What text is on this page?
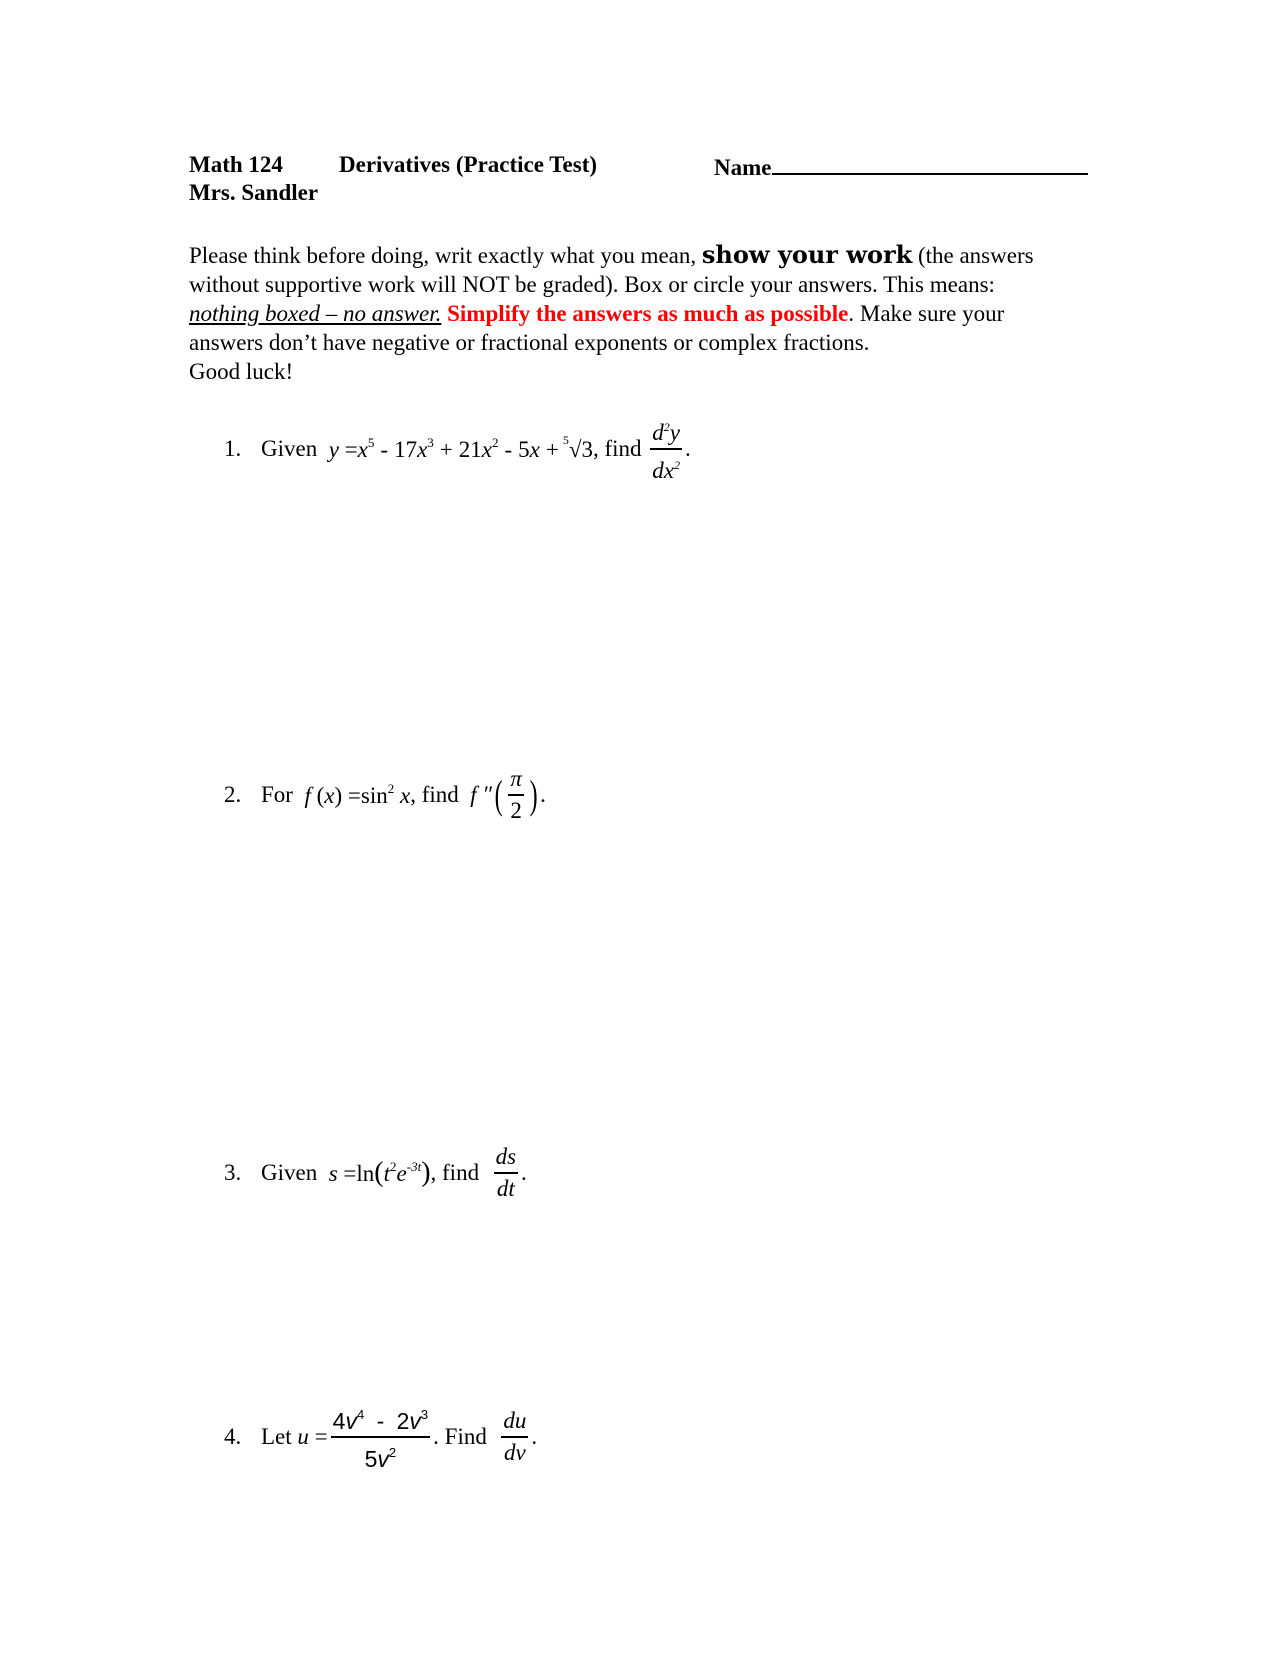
Math 124 Derivatives (Practice Test)	Name
Mrs. Sandler
Please think before doing, writ exactly what you mean, show your work (the answers
without supportive work will NOT be graded). Box or circle your answers. This means:
nothing boxed – no answer. Simplify the answers as much as possible. Make sure your
answers don’t have negative or fractional exponents or complex fractions.
Good luck!
1. Given
$y =x^5 - 17x^3 + 21x^2 - 5x + 5$ √3 , find
$\frac{d^2y}{dx^2}$ .
2. For
f $(x) =\sin^2$ x , find
f ″ ( $\frac{\pi}{2}$ ) .
3. Given
$s =\ln(t^2e^{-3t})$ , find
$\frac{ds}{dt}$ .
4. Let
$u = \frac{4v^4 - 2v^3}{5v^2}$ . Find
$\frac{du}{dv}$ .
